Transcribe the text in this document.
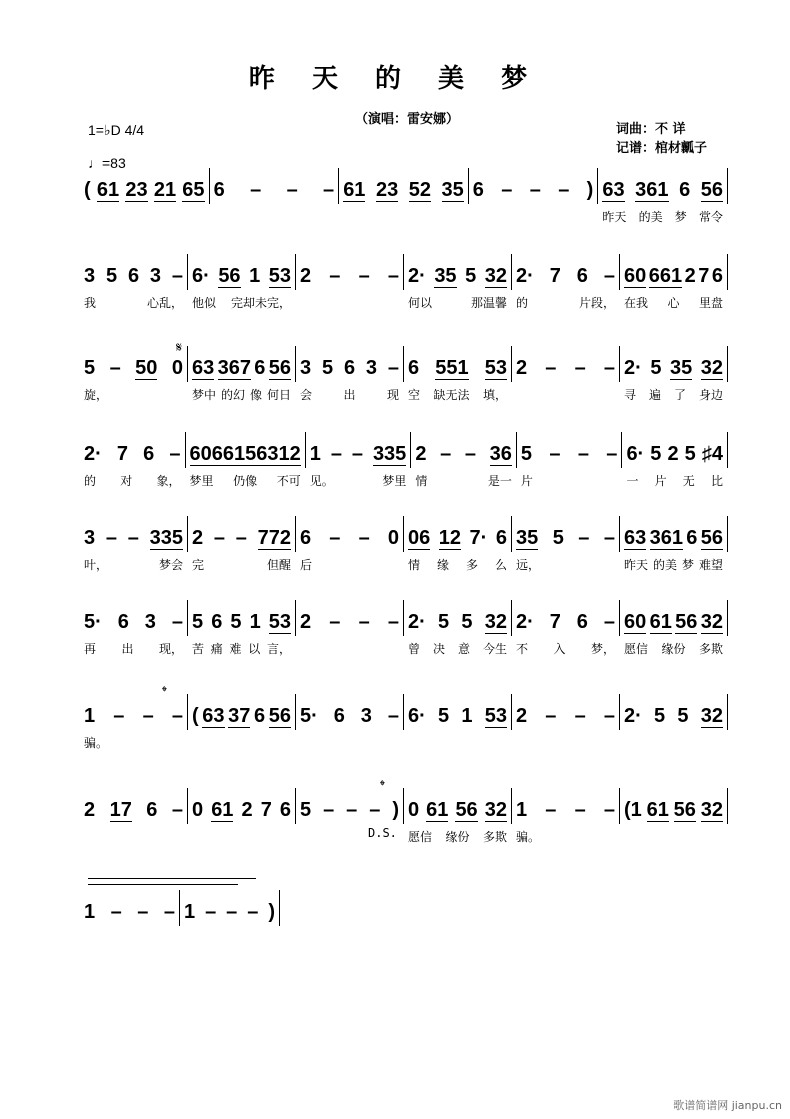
昨 天 的 美 梦
（演唱：雷安娜）
词曲：不 详
记谱：棺材瓤子
1=♭D 4/4
♩=83
( 61 23 21 65 6 – – – 61 23 52 35 6 – – – ) 63 361 6 56
昨天 的美 梦 常令
3 5 6 3 –
我	心乱，
6· 56 1 53
他似 完却未完，
2 – – – 2· 35 5 32
何以	那温馨
2· 7 6 –
的	片段，
60 661 2 7 6
在我 心 里盘
5 – 50 0
旋，
63 367 6 56
梦中 的幻 像 何日
3 5 6 3 –
会	出	现
6 551 53
空 缺无法 填，
2 – – – 2· 5 35 32
寻 遍 了 身边
2· 7 6 –
的 对 象，
60 661 56 312
梦里 仍像 不可
1 – – 335
见。	梦里
2 – – 36
情	是一
5 – – –
片
6· 5 2 5 ♯4
一 片 无 比
3 – – 335
叶，	梦会
2 – – 772
完	但醒
6 – – 0
后
06 12 7· 6
情 缘 多 么
35 5 – –
远，
63 361 6 56
昨天 的美 梦 难望
5· 6 3 –
再 出 现，
5 6 5 1 53
苦 痛 难 以 言，
2 – – – 2· 5 5 32
曾 决 意 今生
2· 7 6 –
不 入 梦，
60 61 56 32
愿信 缘份 多欺
1 – – –
骗。
( 63 37 6 56 5· 6 3 – 6· 5 1 53 2 – – – 2· 5 5 32
2 17 6 – 0 61 2 7 6 5 – – – ) 0 61 56 32
愿信 缘份 多欺
1 – – –
骗。
(1 61 56 32
1 – – – 1 – – – )
𝄋
𝄌
𝄌
D.S.
歌谱简谱网 jianpu.cn
